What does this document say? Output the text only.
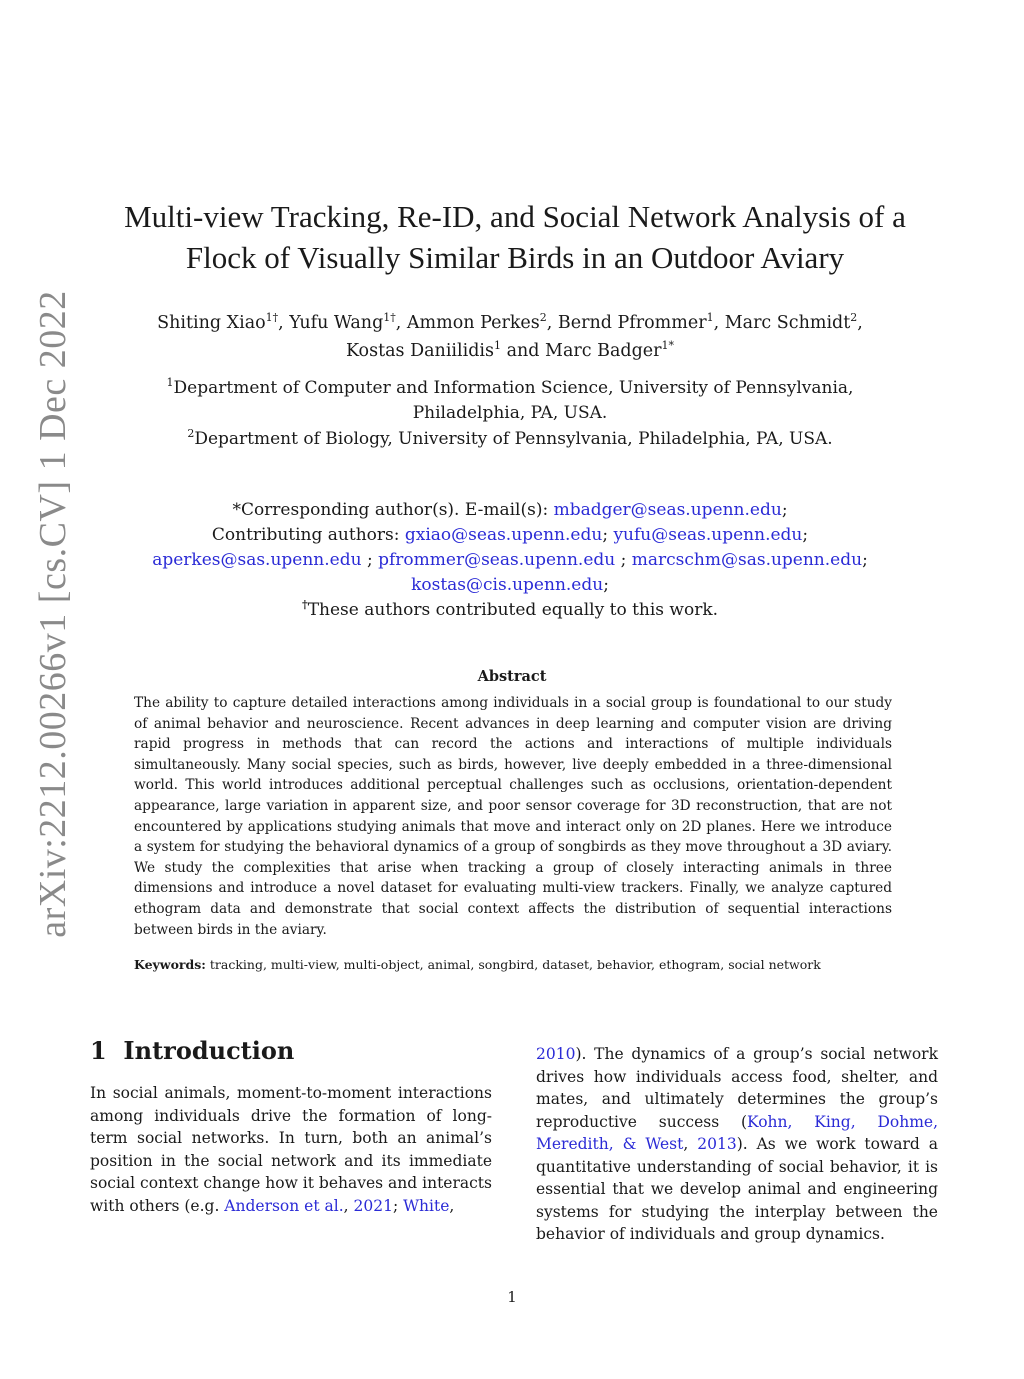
arXiv:2212.00266v1 [cs.CV] 1 Dec 2022
Multi-view Tracking, Re-ID, and Social Network Analysis of a Flock of Visually Similar Birds in an Outdoor Aviary
Shiting Xiao$^{1\dagger}$, Yufu Wang$^{1\dagger}$, Ammon Perkes$^2$, Bernd Pfrommer$^1$, Marc Schmidt$^2$, Kostas Daniilidis$^1$ and Marc Badger$^{1*}$
$^1$Department of Computer and Information Science, University of Pennsylvania, Philadelphia, PA, USA.
$^2$Department of Biology, University of Pennsylvania, Philadelphia, PA, USA.
*Corresponding author(s). E-mail(s): mbadger@seas.upenn.edu;
Contributing authors: gxiao@seas.upenn.edu; yufu@seas.upenn.edu;
aperkes@sas.upenn.edu ; pfrommer@seas.upenn.edu ; marcschm@sas.upenn.edu;
kostas@cis.upenn.edu;
†These authors contributed equally to this work.
Abstract
The ability to capture detailed interactions among individuals in a social group is foundational to our study of animal behavior and neuroscience. Recent advances in deep learning and computer vision are driving rapid progress in methods that can record the actions and interactions of multiple individuals simultaneously. Many social species, such as birds, however, live deeply embedded in a three-dimensional world. This world introduces additional perceptual challenges such as occlusions, orientation-dependent appearance, large variation in apparent size, and poor sensor coverage for 3D reconstruction, that are not encountered by applications studying animals that move and interact only on 2D planes. Here we introduce a system for studying the behavioral dynamics of a group of songbirds as they move throughout a 3D aviary. We study the complexities that arise when tracking a group of closely interacting animals in three dimensions and introduce a novel dataset for evaluating multi-view trackers. Finally, we analyze captured ethogram data and demonstrate that social context affects the distribution of sequential interactions between birds in the aviary.
Keywords: tracking, multi-view, multi-object, animal, songbird, dataset, behavior, ethogram, social network
1 Introduction
In social animals, moment-to-moment interactions among individuals drive the formation of long-term social networks. In turn, both an animal’s position in the social network and its immediate social context change how it behaves and interacts with others (e.g. Anderson et al., 2021; White,
2010). The dynamics of a group’s social network drives how individuals access food, shelter, and mates, and ultimately determines the group’s reproductive success (Kohn, King, Dohme, Meredith, & West, 2013). As we work toward a quantitative understanding of social behavior, it is essential that we develop animal and engineering systems for studying the interplay between the behavior of individuals and group dynamics.
1
